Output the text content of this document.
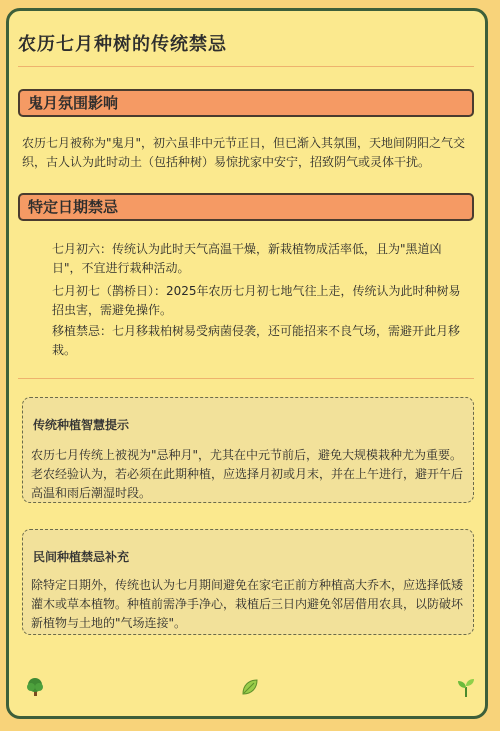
农历七月种树的传统禁忌
鬼月氛围影响

农历七月被称为"鬼月"，初六虽非中元节正日，但已渐入其氛围，天地间阴阳之气交织，古人认为此时动土（包括种树）易惊扰家中安宁，招致阴气或灵体干扰。

特定日期禁忌

七月初六：传统认为此时天气高温干燥，新栽植物成活率低，且为"黑道凶日"，不宜进行栽种活动。

七月初七（鹊桥日）：2025年农历七月初七地气往上走，传统认为此时种树易招虫害，需避免操作。

移植禁忌：七月移栽柏树易受病菌侵袭，还可能招来不良气场，需避开此月移栽。

传统种植智慧提示

农历七月传统上被视为"忌种月"，尤其在中元节前后，避免大规模栽种尤为重要。老农经验认为，若必须在此期种植，应选择月初或月末，并在上午进行，避开午后高温和雨后潮湿时段。

民间种植禁忌补充

除特定日期外，传统也认为七月期间避免在家宅正前方种植高大乔木，应选择低矮灌木或草本植物。种植前需净手净心，栽植后三日内避免邻居借用农具，以防破坏新植物与土地的"气场连接"。
